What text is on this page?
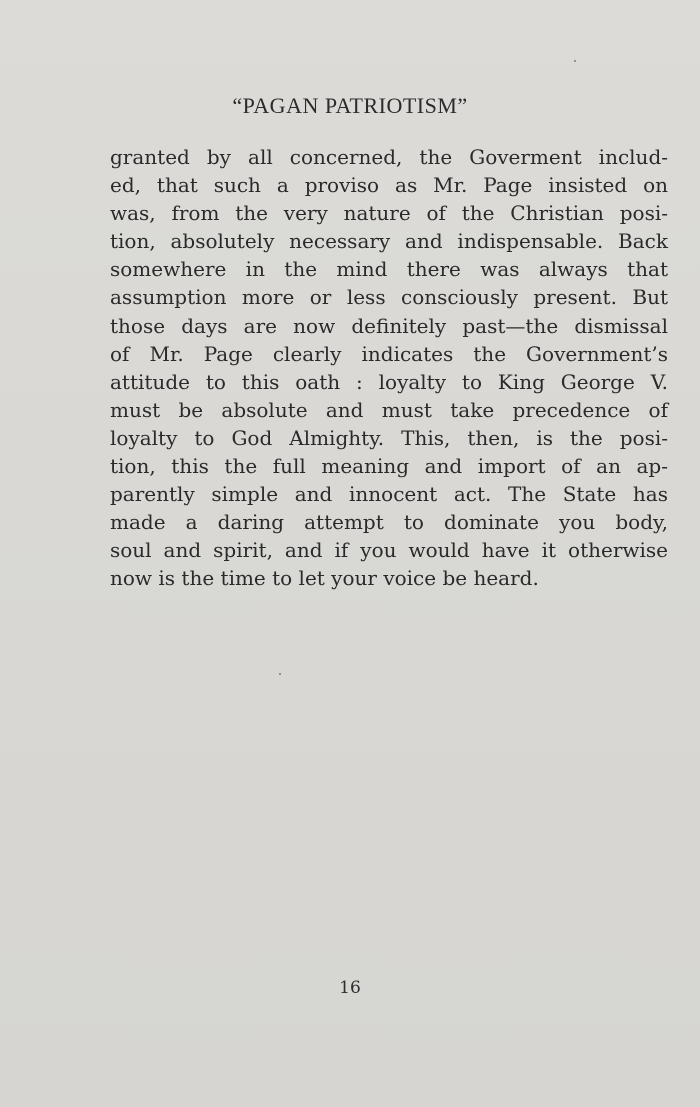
“PAGAN PATRIOTISM”
granted by all concerned, the Goverment includ-
ed, that such a proviso as Mr. Page insisted on
was, from the very nature of the Christian posi-
tion, absolutely necessary and indispensable. Back
somewhere in the mind there was always that
assumption more or less consciously present. But
those days are now definitely past—the dismissal
of Mr. Page clearly indicates the Government’s
attitude to this oath : loyalty to King George V.
must be absolute and must take precedence of
loyalty to God Almighty. This, then, is the posi-
tion, this the full meaning and import of an ap-
parently simple and innocent act. The State has
made a daring attempt to dominate you body,
soul and spirit, and if you would have it otherwise
now is the time to let your voice be heard.
16
